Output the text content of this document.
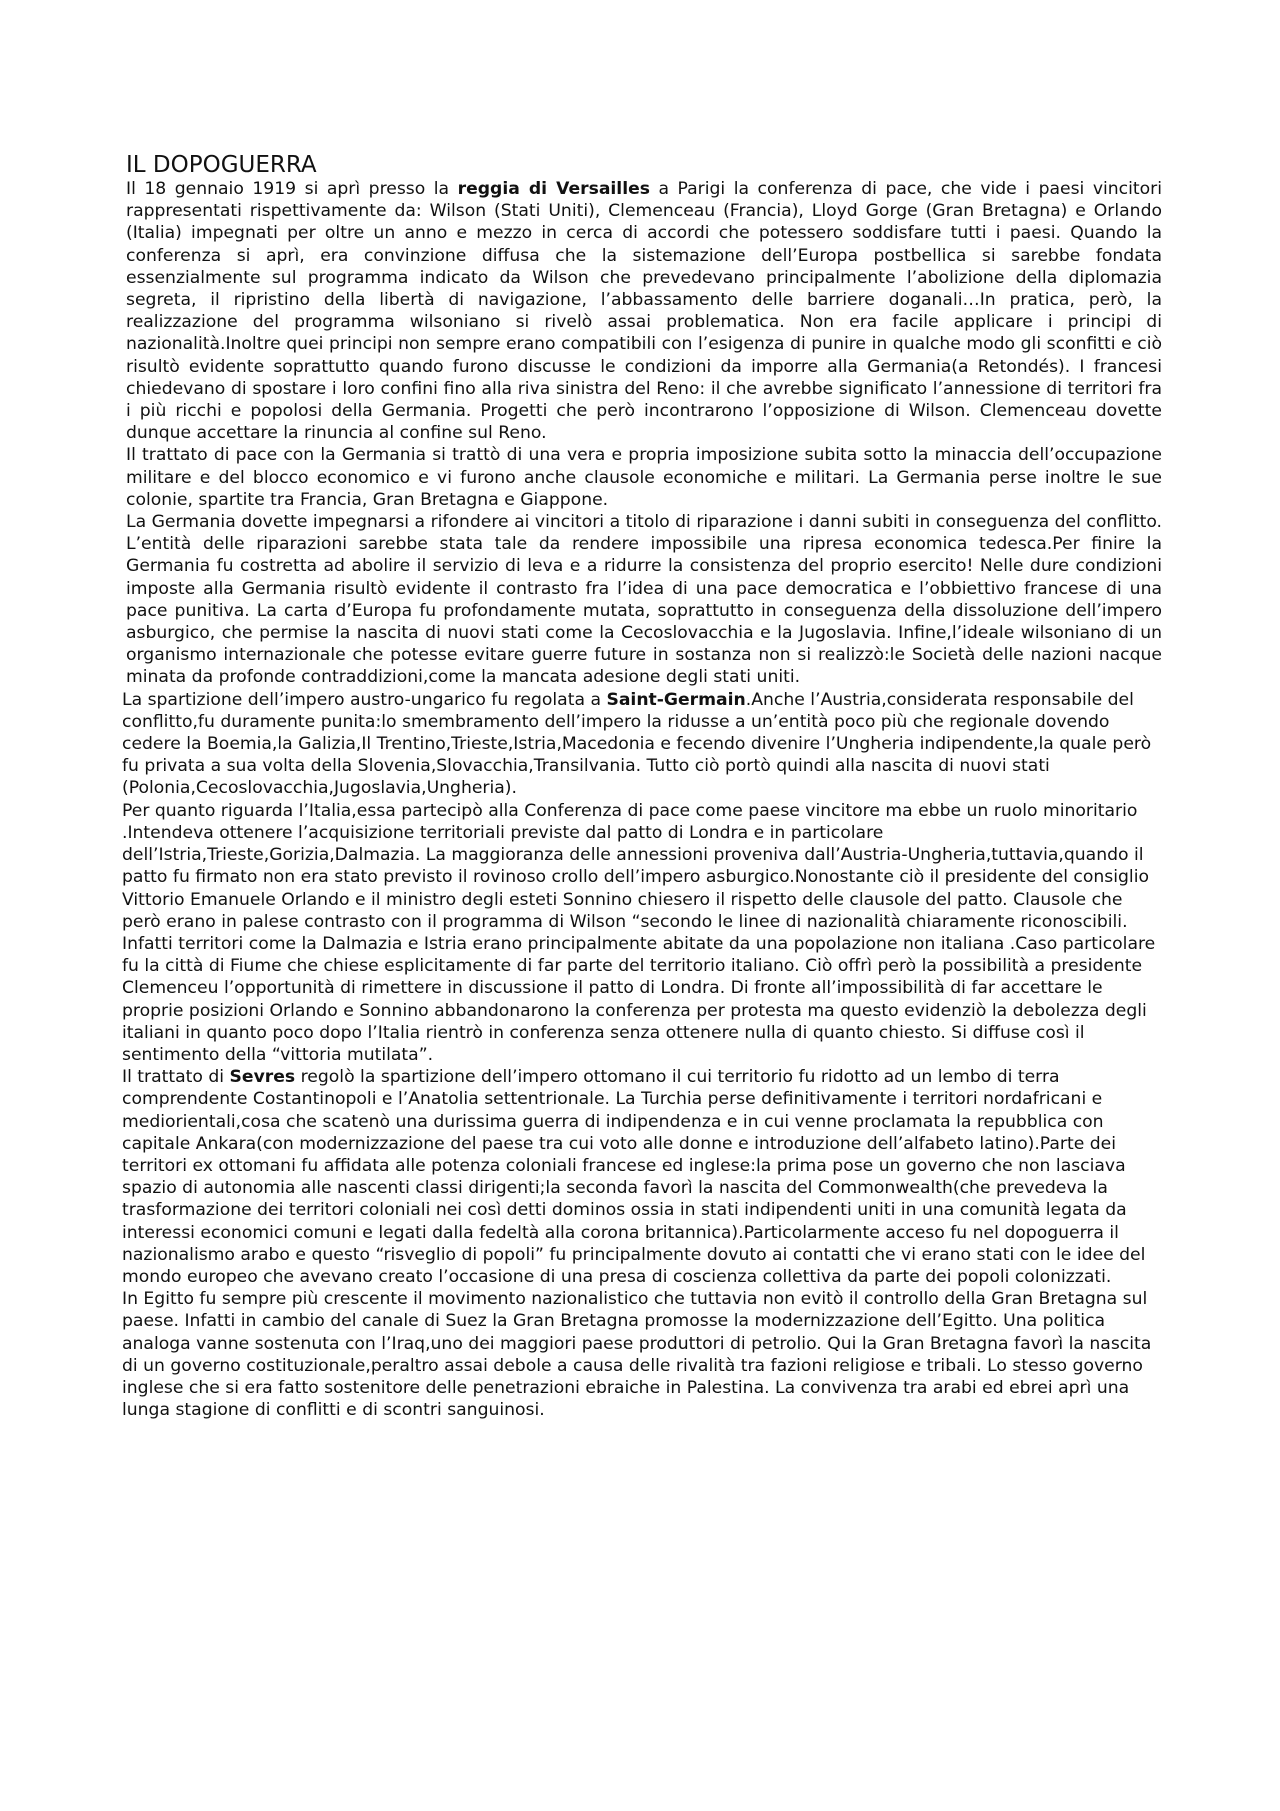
IL DOPOGUERRA

Il 18 gennaio 1919 si aprì presso la reggia di Versailles a Parigi la conferenza di pace, che vide i paesi vincitori rappresentati rispettivamente da: Wilson (Stati Uniti), Clemenceau (Francia), Lloyd Gorge (Gran Bretagna) e Orlando (Italia) impegnati per oltre un anno e mezzo in cerca di accordi che potessero soddisfare tutti i paesi. Quando la conferenza si aprì, era convinzione diffusa che la sistemazione dell’Europa postbellica si sarebbe fondata essenzialmente sul programma indicato da Wilson che prevedevano principalmente l’abolizione della diplomazia segreta, il ripristino della libertà di navigazione, l’abbassamento delle barriere doganali…In pratica, però, la realizzazione del programma wilsoniano si rivelò assai problematica. Non era facile applicare i principi di nazionalità.Inoltre quei principi non sempre erano compatibili con l’esigenza di punire in qualche modo gli sconfitti e ciò risultò evidente soprattutto quando furono discusse le condizioni da imporre alla Germania(a Retondés). I francesi chiedevano di spostare i loro confini fino alla riva sinistra del Reno: il che avrebbe significato l’annessione di territori fra i più ricchi e popolosi della Germania. Progetti che però incontrarono l’opposizione di Wilson. Clemenceau dovette dunque accettare la rinuncia al confine sul Reno.

Il trattato di pace con la Germania si trattò di una vera e propria imposizione subita sotto la minaccia dell’occupazione militare e del blocco economico e vi furono anche clausole economiche e militari. La Germania perse inoltre le sue colonie, spartite tra Francia, Gran Bretagna e Giappone.

La Germania dovette impegnarsi a rifondere ai vincitori a titolo di riparazione i danni subiti in conseguenza del conflitto. L’entità delle riparazioni sarebbe stata tale da rendere impossibile una ripresa economica tedesca.Per finire la Germania fu costretta ad abolire il servizio di leva e a ridurre la consistenza del proprio esercito! Nelle dure condizioni imposte alla Germania risultò evidente il contrasto fra l’idea di una pace democratica e l’obbiettivo francese di una pace punitiva. La carta d’Europa fu profondamente mutata, soprattutto in conseguenza della dissoluzione dell’impero asburgico, che permise la nascita di nuovi stati come la Cecoslovacchia e la Jugoslavia. Infine,l’ideale wilsoniano di un organismo internazionale che potesse evitare guerre future in sostanza non si realizzò:le Società delle nazioni nacque minata da profonde contraddizioni,come la mancata adesione degli stati uniti.

La spartizione dell’impero austro-ungarico fu regolata a Saint-Germain.Anche l’Austria,considerata responsabile del conflitto,fu duramente punita:lo smembramento dell’impero la ridusse a un’entità poco più che regionale dovendo cedere la Boemia,la Galizia,Il Trentino,Trieste,Istria,Macedonia e fecendo divenire l’Ungheria indipendente,la quale però fu privata a sua volta della Slovenia,Slovacchia,Transilvania. Tutto ciò portò quindi alla nascita di nuovi stati (Polonia,Cecoslovacchia,Jugoslavia,Ungheria).

Per quanto riguarda l’Italia,essa partecipò alla Conferenza di pace come paese vincitore ma ebbe un ruolo minoritario .Intendeva ottenere l’acquisizione territoriali previste dal patto di Londra e in particolare dell’Istria,Trieste,Gorizia,Dalmazia. La maggioranza delle annessioni proveniva dall’Austria-Ungheria,tuttavia,quando il patto fu firmato non era stato previsto il rovinoso crollo dell’impero asburgico.Nonostante ciò il presidente del consiglio Vittorio Emanuele Orlando e il ministro degli esteti Sonnino chiesero il rispetto delle clausole del patto. Clausole che però erano in palese contrasto con il programma di Wilson “secondo le linee di nazionalità chiaramente riconoscibili. Infatti territori come la Dalmazia e Istria erano principalmente abitate da una popolazione non italiana .Caso particolare fu la città di Fiume che chiese esplicitamente di far parte del territorio italiano. Ciò offrì però la possibilità a presidente Clemenceu l’opportunità di rimettere in discussione il patto di Londra. Di fronte all’impossibilità di far accettare le proprie posizioni Orlando e Sonnino abbandonarono la conferenza per protesta ma questo evidenziò la debolezza degli italiani in quanto poco dopo l’Italia rientrò in conferenza senza ottenere nulla di quanto chiesto. Si diffuse così il sentimento della “vittoria mutilata”.

Il trattato di Sevres regolò la spartizione dell’impero ottomano il cui territorio fu ridotto ad un lembo di terra comprendente Costantinopoli e l’Anatolia settentrionale. La Turchia perse definitivamente i territori nordafricani e mediorientali,cosa che scatenò una durissima guerra di indipendenza e in cui venne proclamata la repubblica con capitale Ankara(con modernizzazione del paese tra cui voto alle donne e introduzione dell’alfabeto latino).Parte dei territori ex ottomani fu affidata alle potenza coloniali francese ed inglese:la prima pose un governo che non lasciava spazio di autonomia alle nascenti classi dirigenti;la seconda favorì la nascita del Commonwealth(che prevedeva la trasformazione dei territori coloniali nei così detti dominos ossia in stati indipendenti uniti in una comunità legata da interessi economici comuni e legati dalla fedeltà alla corona britannica).Particolarmente acceso fu nel dopoguerra il nazionalismo arabo e questo “risveglio di popoli” fu principalmente dovuto ai contatti che vi erano stati con le idee del mondo europeo che avevano creato l’occasione di una presa di coscienza collettiva da parte dei popoli colonizzati.

In Egitto fu sempre più crescente il movimento nazionalistico che tuttavia non evitò il controllo della Gran Bretagna sul paese. Infatti in cambio del canale di Suez la Gran Bretagna promosse la modernizzazione dell’Egitto. Una politica analoga vanne sostenuta con l’Iraq,uno dei maggiori paese produttori di petrolio. Qui la Gran Bretagna favorì la nascita di un governo costituzionale,peraltro assai debole a causa delle rivalità tra fazioni religiose e tribali. Lo stesso governo inglese che si era fatto sostenitore delle penetrazioni ebraiche in Palestina. La convivenza tra arabi ed ebrei aprì una lunga stagione di conflitti e di scontri sanguinosi.
